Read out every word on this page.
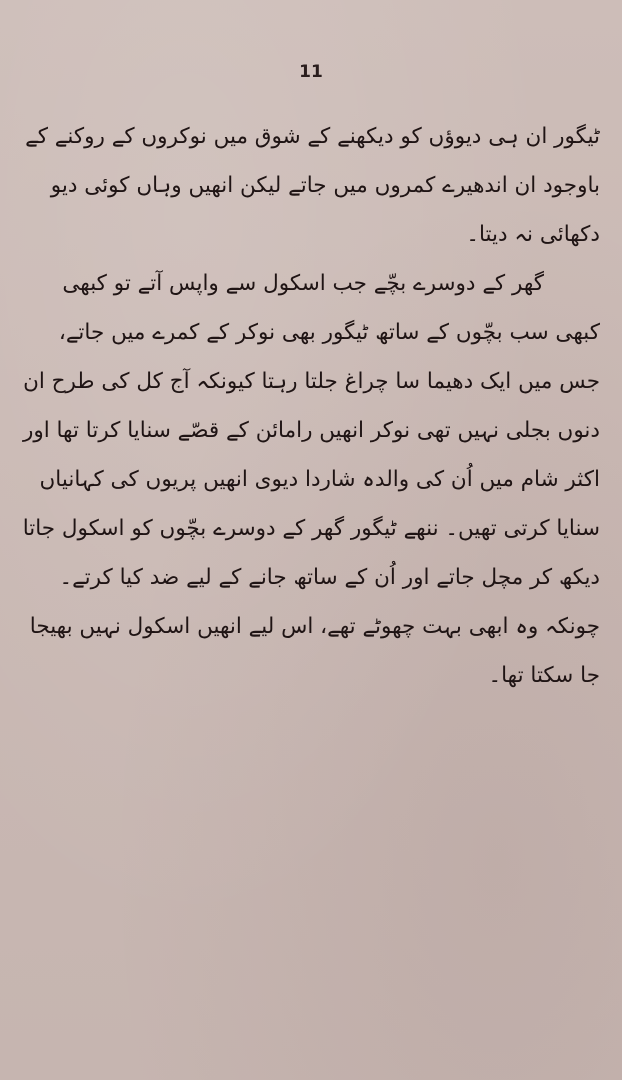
11

ٹیگور ان ہی دیوؤں کو دیکھنے کے شوق میں نوکروں کے روکنے کے باوجود ان اندھیرے کمروں میں جاتے لیکن انھیں وہاں کوئی دیو دکھائی نہ دیتا۔

گھر کے دوسرے بچّے جب اسکول سے واپس آتے تو کبھی کبھی سب بچّوں کے ساتھ ٹیگور بھی نوکر کے کمرے میں جاتے، جس میں ایک دھیما سا چراغ جلتا رہتا کیونکہ آج کل کی طرح ان دنوں بجلی نہیں تھی نوکر انھیں رامائن کے قصّے سنایا کرتا تھا اور اکثر شام میں اُن کی والدہ شاردا دیوی انھیں پریوں کی کہانیاں سنایا کرتی تھیں۔ ننھے ٹیگور گھر کے دوسرے بچّوں کو اسکول جاتا دیکھ کر مچل جاتے اور اُن کے ساتھ جانے کے لیے ضد کیا کرتے۔ چونکہ وہ ابھی بہت چھوٹے تھے، اس لیے انھیں اسکول نہیں بھیجا جا سکتا تھا۔
